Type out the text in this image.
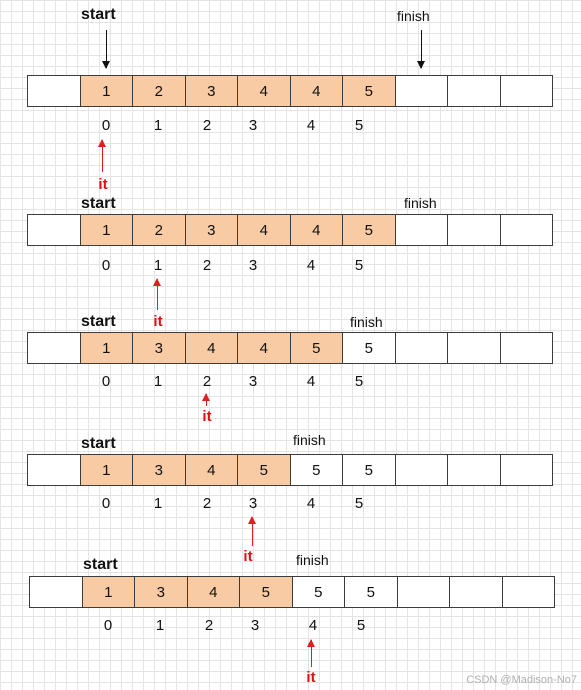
1	2	3	4	4	5
0	1	2	3	4	5
start	finish
it
1	2	3	4	4	5
0	1	2	3	4	5
start	finish
it
1	3	4	4	5	5
0	1	2	3	4	5
start	finish
it
1	3	4	5	5	5
0	1	2	3	4	5
start	finish
it
1	3	4	5	5	5
0	1	2	3	4	5
start	finish
it	CSDN @Madison-No7
